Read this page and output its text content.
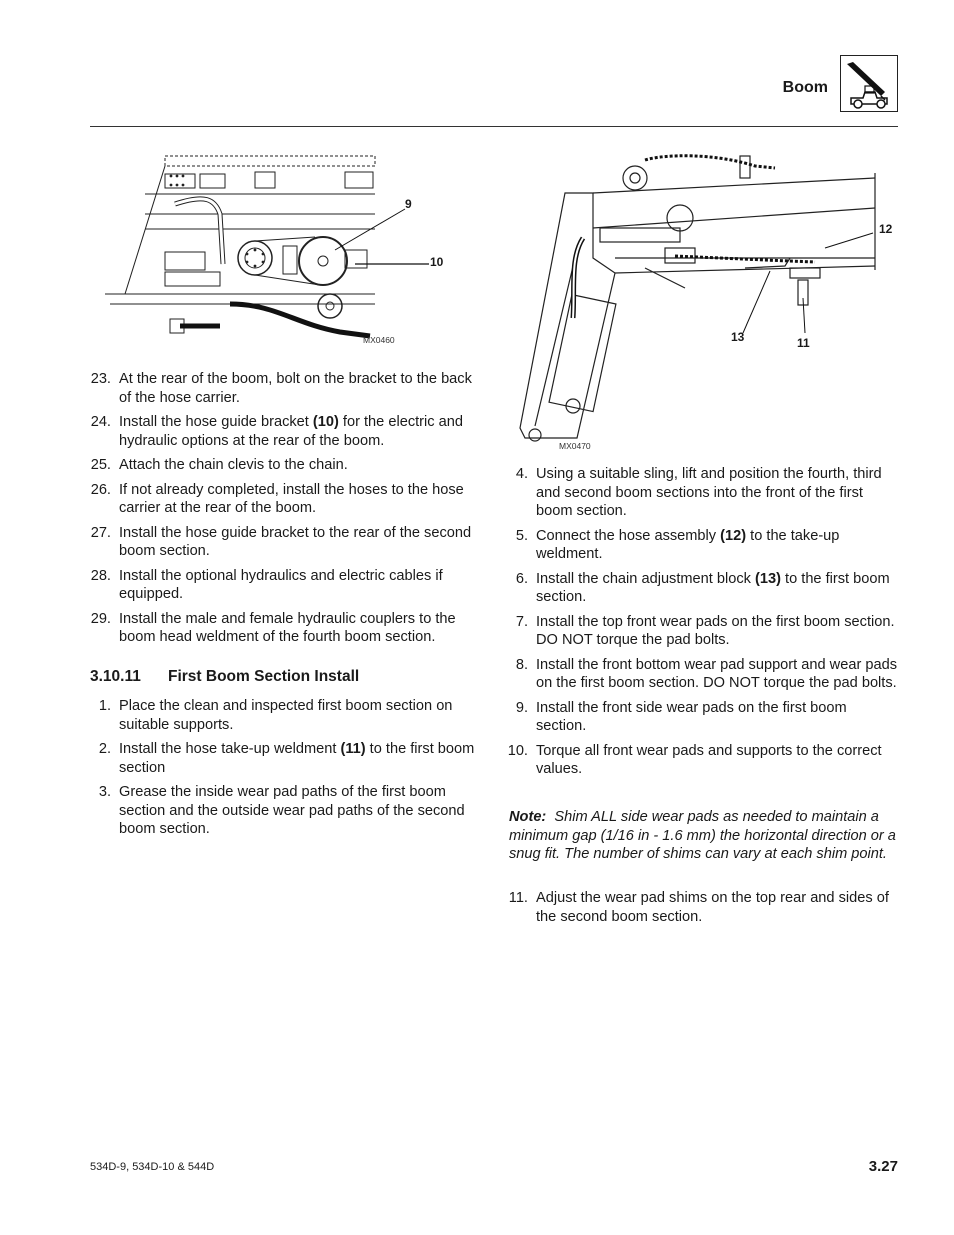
Boom
9
10
MX0460
12
13	11
MX0470
23. At the rear of the boom, bolt on the bracket to the back of the hose carrier.
24. Install the hose guide bracket (10) for the electric and hydraulic options at the rear of the boom.
25. Attach the chain clevis to the chain.
26. If not already completed, install the hoses to the hose carrier at the rear of the boom.
27. Install the hose guide bracket to the rear of the second boom section.
28. Install the optional hydraulics and electric cables if equipped.
29. Install the male and female hydraulic couplers to the boom head weldment of the fourth boom section.
3.10.11 First Boom Section Install
1. Place the clean and inspected first boom section on suitable supports.
2. Install the hose take-up weldment (11) to the first boom section
3. Grease the inside wear pad paths of the first boom section and the outside wear pad paths of the second boom section.
4. Using a suitable sling, lift and position the fourth, third and second boom sections into the front of the first boom section.
5. Connect the hose assembly (12) to the take-up weldment.
6. Install the chain adjustment block (13) to the first boom section.
7. Install the top front wear pads on the first boom section. DO NOT torque the pad bolts.
8. Install the front bottom wear pad support and wear pads on the first boom section. DO NOT torque the pad bolts.
9. Install the front side wear pads on the first boom section.
10. Torque all front wear pads and supports to the correct values.
Note: Shim ALL side wear pads as needed to maintain a minimum gap (1/16 in - 1.6 mm) the horizontal direction or a snug fit. The number of shims can vary at each shim point.
11. Adjust the wear pad shims on the top rear and sides of the second boom section.
534D-9, 534D-10 & 544D	3.27
